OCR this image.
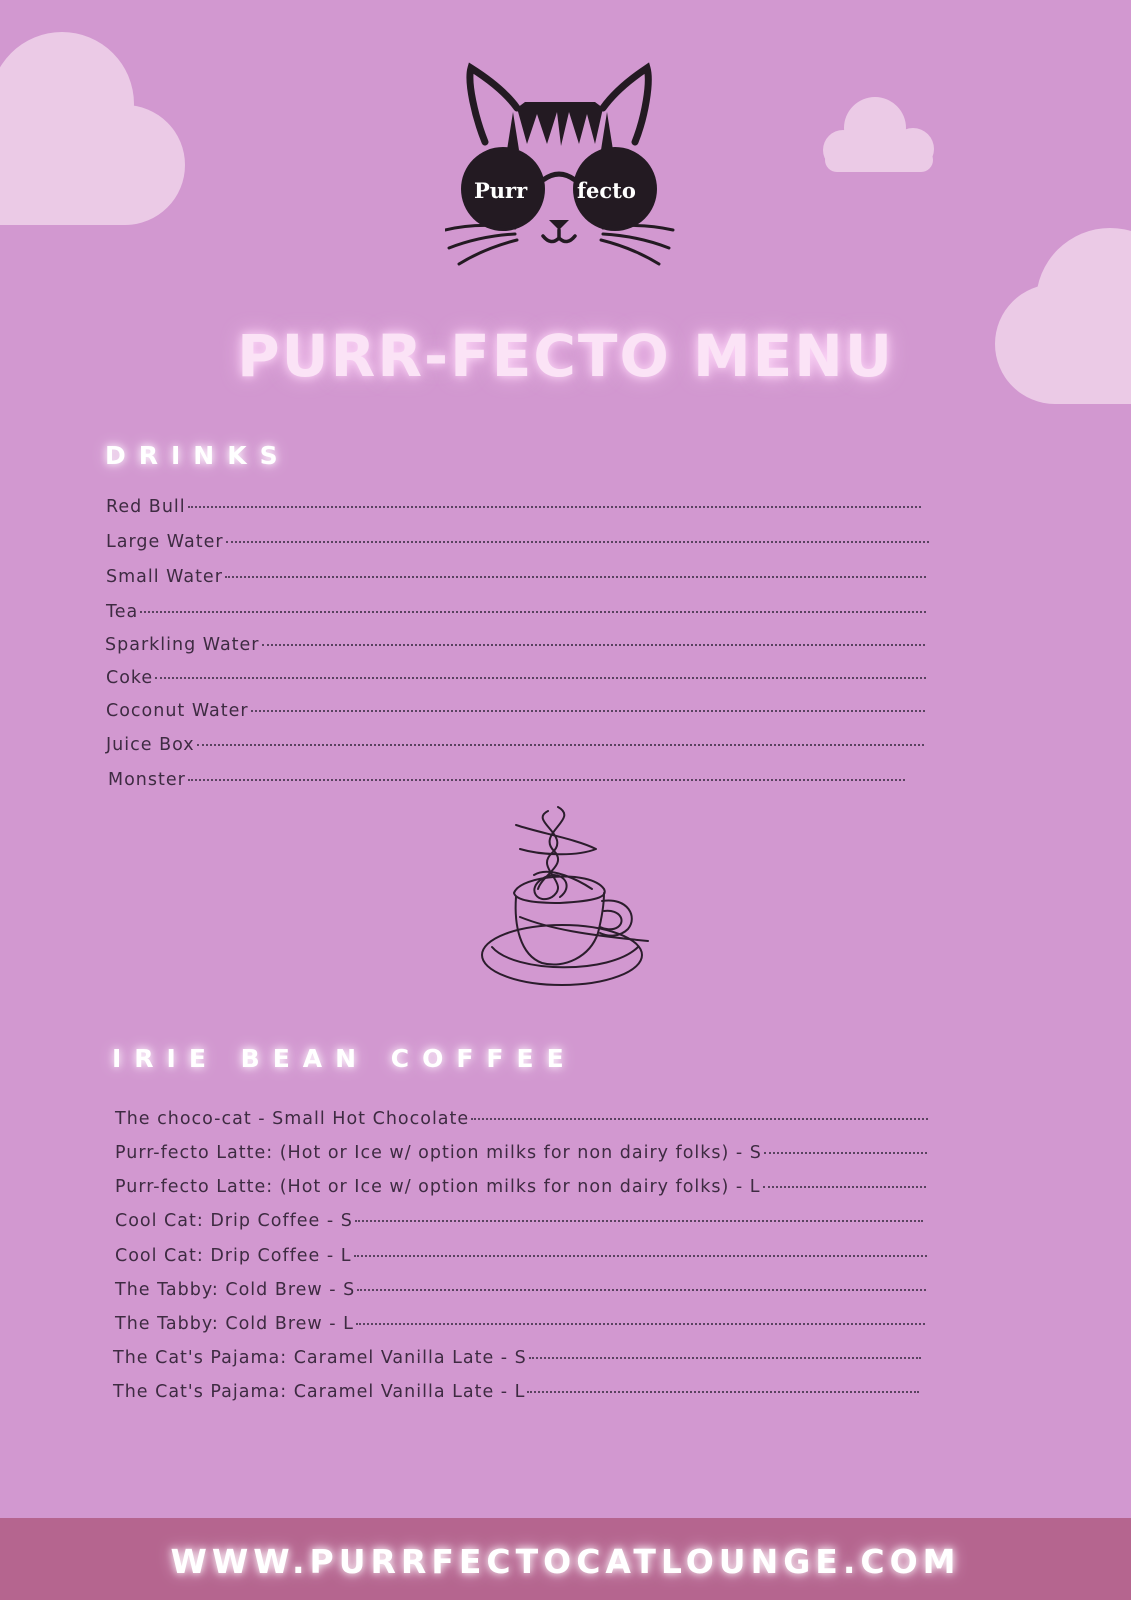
Purr fecto
PURR-FECTO MENU
DRINKS
Red Bull
Large Water
Small Water
Tea
Sparkling Water
Coke
Coconut Water
Juice Box
Monster
IRIE BEAN COFFEE
The choco-cat - Small Hot Chocolate
Purr-fecto Latte: (Hot or Ice w/ option milks for non dairy folks) - S
Purr-fecto Latte: (Hot or Ice w/ option milks for non dairy folks) - L
Cool Cat: Drip Coffee - S
Cool Cat: Drip Coffee - L
The Tabby: Cold Brew - S
The Tabby: Cold Brew - L
The Cat's Pajama: Caramel Vanilla Late - S
The Cat's Pajama: Caramel Vanilla Late - L
WWW.PURRFECTOCATLOUNGE.COM
